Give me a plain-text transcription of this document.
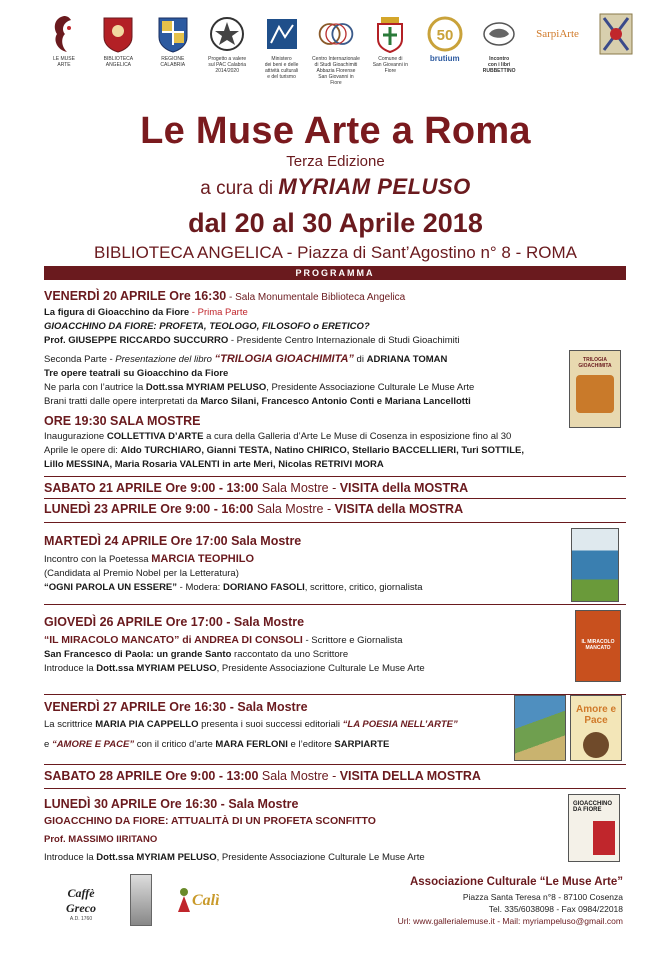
LE MUSE
ARTE
BIBLIOTECA
ANGELICA
REGIONE
CALABRIA
Progetto a valere
sul PAC Calabria 2014/2020
Ministero
dei beni e delle
attività culturali
e del turismo
Centro Internazionale
di Studi Gioachimiti
Abbazia Florense
San Giovanni in Fiore
Comune di
San Giovanni in Fiore
50
brutium	Incontro
con i libri
RUBBETTINO
SarpiArte
Le Muse Arte a Roma
Terza Edizione
a cura di MYRIAM PELUSO
dal 20 al 30 Aprile 2018
BIBLIOTECA ANGELICA - Piazza di Sant’Agostino n° 8 - ROMA
PROGRAMMA
VENERDÌ 20 APRILE Ore 16:30 - Sala Monumentale Biblioteca Angelica
La figura di Gioacchino da Fiore - Prima Parte
GIOACCHINO DA FIORE: PROFETA, TEOLOGO, FILOSOFO o ERETICO?
Prof. GIUSEPPE RICCARDO SUCCURRO - Presidente Centro Internazionale di Studi Gioachimiti
Seconda Parte - Presentazione del libro “TRILOGIA GIOACHIMITA” di ADRIANA TOMAN
Tre opere teatrali su Gioacchino da Fiore
Ne parla con l’autrice la Dott.ssa MYRIAM PELUSO, Presidente Associazione Culturale Le Muse Arte
Brani tratti dalle opere interpretati da Marco Silani, Francesco Antonio Conti e Mariana Lancellotti
ORE 19:30 SALA MOSTRE
Inaugurazione COLLETTIVA D’ARTE a cura della Galleria d’Arte Le Muse di Cosenza in esposizione fino al 30
Aprile le opere di: Aldo TURCHIARO, Gianni TESTA, Natino CHIRICO, Stellario BACCELLIERI, Turi SOTTILE,
Lillo MESSINA, Maria Rosaria VALENTI in arte Meri, Nicolas RETRIVI MORA
TRILOGIA GIOACHIMITA
SABATO 21 APRILE Ore 9:00 - 13:00 Sala Mostre - VISITA della MOSTRA
LUNEDÌ 23 APRILE Ore 9:00 - 16:00 Sala Mostre - VISITA della MOSTRA
MARTEDÌ 24 APRILE Ore 17:00 Sala Mostre
Incontro con la Poetessa MARCIA TEOPHILO
(Candidata al Premio Nobel per la Letteratura)
“OGNI PAROLA UN ESSERE” - Modera: DORIANO FASOLI, scrittore, critico, giornalista
GIOVEDÌ 26 APRILE Ore 17:00 - Sala Mostre
“IL MIRACOLO MANCATO” di ANDREA DI CONSOLI - Scrittore e Giornalista
San Francesco di Paola: un grande Santo raccontato da uno Scrittore
Introduce la Dott.ssa MYRIAM PELUSO, Presidente Associazione Culturale Le Muse Arte
IL MIRACOLO MANCATO
VENERDÌ 27 APRILE Ore 16:30 - Sala Mostre
La scrittrice MARIA PIA CAPPELLO presenta i suoi successi editoriali “LA POESIA NELL’ARTE”
e “AMORE E PACE” con il critico d’arte MARA FERLONI e l’editore SARPIARTE
Amore e Pace
SABATO 28 APRILE Ore 9:00 - 13:00 Sala Mostre - VISITA DELLA MOSTRA
LUNEDÌ 30 APRILE Ore 16:30 - Sala Mostre
GIOACCHINO DA FIORE: ATTUALITÀ DI UN PROFETA SCONFITTO
Prof. MASSIMO IIRITANO
Introduce la Dott.ssa MYRIAM PELUSO, Presidente Associazione Culturale Le Muse Arte
GIOACCHINO DA FIORE
Caffè Greco
A.D. 1760
Calì
Associazione Culturale “Le Muse Arte”
Piazza Santa Teresa n°8 - 87100 Cosenza
Tel. 335/6038098 - Fax 0984/22018
Url: www.gallerialemuse.it - Mail: myriampeluso@gmail.com
